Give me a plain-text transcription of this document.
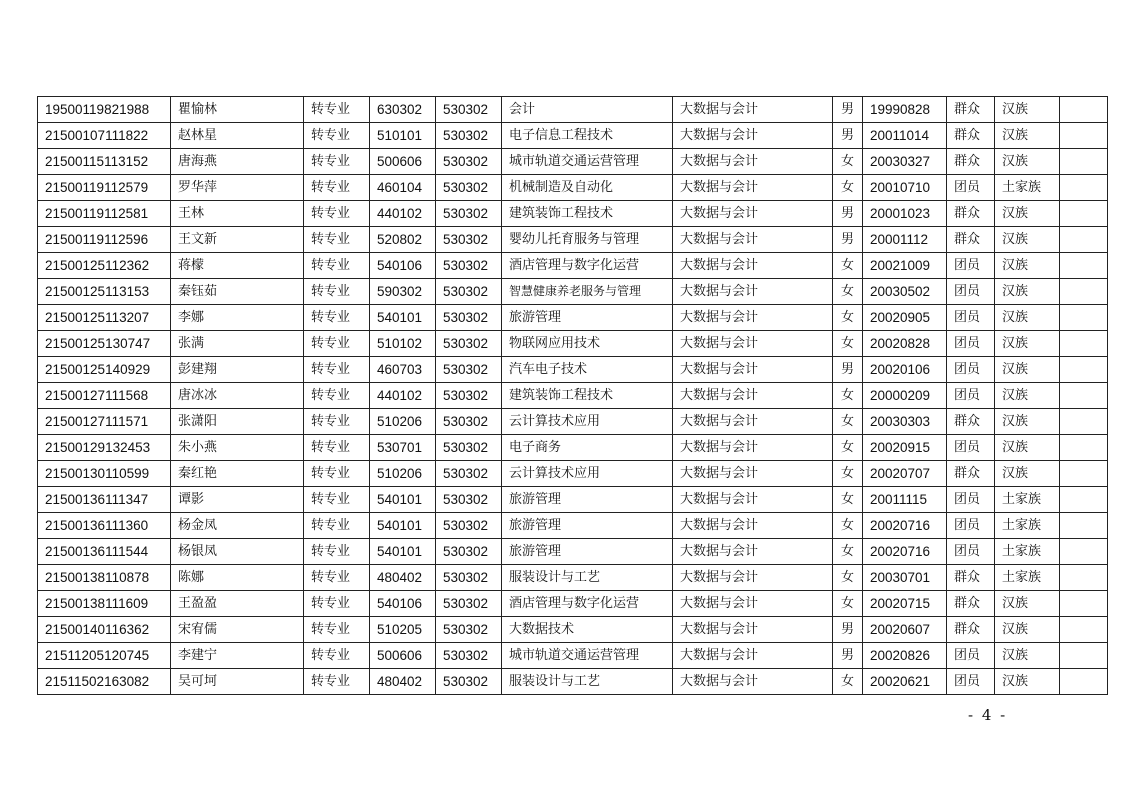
19500119821988	瞿愉林	转专业	630302	530302	会计	大数据与会计	男	19990828	群众	汉族	
21500107111822	赵林星	转专业	510101	530302	电子信息工程技术	大数据与会计	男	20011014	群众	汉族	
21500115113152	唐海燕	转专业	500606	530302	城市轨道交通运营管理	大数据与会计	女	20030327	群众	汉族	
21500119112579	罗华萍	转专业	460104	530302	机械制造及自动化	大数据与会计	女	20010710	团员	土家族	
21500119112581	王林	转专业	440102	530302	建筑装饰工程技术	大数据与会计	男	20001023	群众	汉族	
21500119112596	王文新	转专业	520802	530302	婴幼儿托育服务与管理	大数据与会计	男	20001112	群众	汉族	
21500125112362	蒋檬	转专业	540106	530302	酒店管理与数字化运营	大数据与会计	女	20021009	团员	汉族	
21500125113153	秦钰茹	转专业	590302	530302	智慧健康养老服务与管理	大数据与会计	女	20030502	团员	汉族	
21500125113207	李娜	转专业	540101	530302	旅游管理	大数据与会计	女	20020905	团员	汉族	
21500125130747	张满	转专业	510102	530302	物联网应用技术	大数据与会计	女	20020828	团员	汉族	
21500125140929	彭建翔	转专业	460703	530302	汽车电子技术	大数据与会计	男	20020106	团员	汉族	
21500127111568	唐冰冰	转专业	440102	530302	建筑装饰工程技术	大数据与会计	女	20000209	团员	汉族	
21500127111571	张潇阳	转专业	510206	530302	云计算技术应用	大数据与会计	女	20030303	群众	汉族	
21500129132453	朱小燕	转专业	530701	530302	电子商务	大数据与会计	女	20020915	团员	汉族	
21500130110599	秦红艳	转专业	510206	530302	云计算技术应用	大数据与会计	女	20020707	群众	汉族	
21500136111347	谭影	转专业	540101	530302	旅游管理	大数据与会计	女	20011115	团员	土家族	
21500136111360	杨金凤	转专业	540101	530302	旅游管理	大数据与会计	女	20020716	团员	土家族	
21500136111544	杨银凤	转专业	540101	530302	旅游管理	大数据与会计	女	20020716	团员	土家族	
21500138110878	陈娜	转专业	480402	530302	服装设计与工艺	大数据与会计	女	20030701	群众	土家族	
21500138111609	王盈盈	转专业	540106	530302	酒店管理与数字化运营	大数据与会计	女	20020715	群众	汉族	
21500140116362	宋宥儒	转专业	510205	530302	大数据技术	大数据与会计	男	20020607	群众	汉族	
21511205120745	李建宁	转专业	500606	530302	城市轨道交通运营管理	大数据与会计	男	20020826	团员	汉族	
21511502163082	吴可坷	转专业	480402	530302	服装设计与工艺	大数据与会计	女	20020621	团员	汉族	
- 4 -
